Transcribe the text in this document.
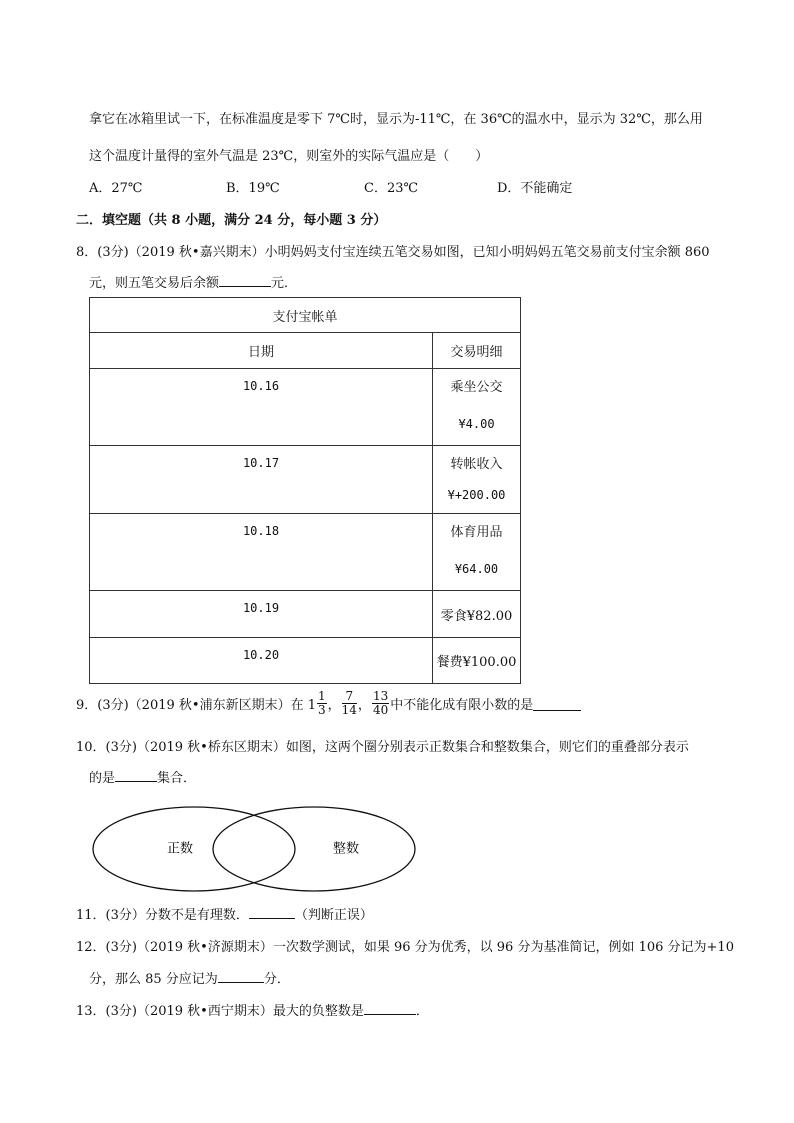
拿它在冰箱里试一下，在标准温度是零下 7℃时，显示为-11℃，在 36℃的温水中，显示为 32℃，那么用
这个温度计量得的室外气温是 23℃，则室外的实际气温应是（　　）
A．27℃	B．19℃	C．23℃	D．不能确定
二．填空题（共 8 小题，满分 24 分，每小题 3 分）
8．(3分)（2019 秋•嘉兴期末）小明妈妈支付宝连续五笔交易如图，已知小明妈妈五笔交易前支付宝余额 860
元，则五笔交易后余额	元．
支付宝帐单	
日期	交易明细
10.16	乘坐公交
¥4.00

10.17	转帐收入
¥+200.00

10.18	体育用品
¥64.00

10.19	零食¥82.00
10.20	餐费¥100.00
9．(3分)（2019 秋•浦东新区期末）在 $1 \frac{1}{3}$ ， $\frac{7}{14}$ ， $\frac{13}{40}$ 中不能化成有限小数的是
10．(3分)（2019 秋•桥东区期末）如图，这两个圈分别表示正数集合和整数集合，则它们的重叠部分表示
的是	集合．
正数	整数
11．(3分）分数不是有理数．	（判断正误）
12．(3分)（2019 秋•济源期末）一次数学测试，如果 96 分为优秀，以 96 分为基准简记，例如 106 分记为+10
分，那么 85 分应记为	分．
13．(3分)（2019 秋•西宁期末）最大的负整数是	．
